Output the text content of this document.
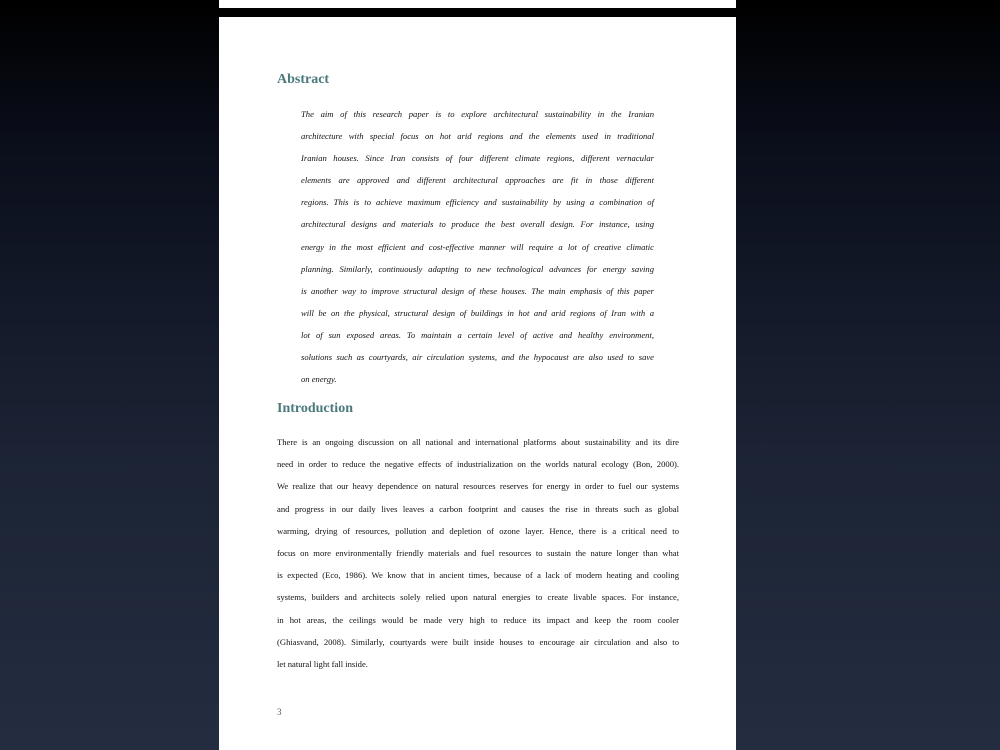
Abstract
The aim of this research paper is to explore architectural sustainability in the Iranian
architecture with special focus on hot arid regions and the elements used in traditional
Iranian houses. Since Iran consists of four different climate regions, different vernacular
elements are approved and different architectural approaches are fit in those different
regions. This is to achieve maximum efficiency and sustainability by using a combination of
architectural designs and materials to produce the best overall design. For instance, using
energy in the most efficient and cost-effective manner will require a lot of creative climatic
planning. Similarly, continuously adapting to new technological advances for energy saving
is another way to improve structural design of these houses. The main emphasis of this paper
will be on the physical, structural design of buildings in hot and arid regions of Iran with a
lot of sun exposed areas. To maintain a certain level of active and healthy environment,
solutions such as courtyards, air circulation systems, and the hypocaust are also used to save
on energy.
Introduction
There is an ongoing discussion on all national and international platforms about sustainability and its dire
need in order to reduce the negative effects of industrialization on the worlds natural ecology (Bon, 2000).
We realize that our heavy dependence on natural resources reserves for energy in order to fuel our systems
and progress in our daily lives leaves a carbon footprint and causes the rise in threats such as global
warming, drying of resources, pollution and depletion of ozone layer. Hence, there is a critical need to
focus on more environmentally friendly materials and fuel resources to sustain the nature longer than what
is expected (Eco, 1986). We know that in ancient times, because of a lack of modern heating and cooling
systems, builders and architects solely relied upon natural energies to create livable spaces. For instance,
in hot areas, the ceilings would be made very high to reduce its impact and keep the room cooler
(Ghiasvand, 2008). Similarly, courtyards were built inside houses to encourage air circulation and also to
let natural light fall inside.

3
